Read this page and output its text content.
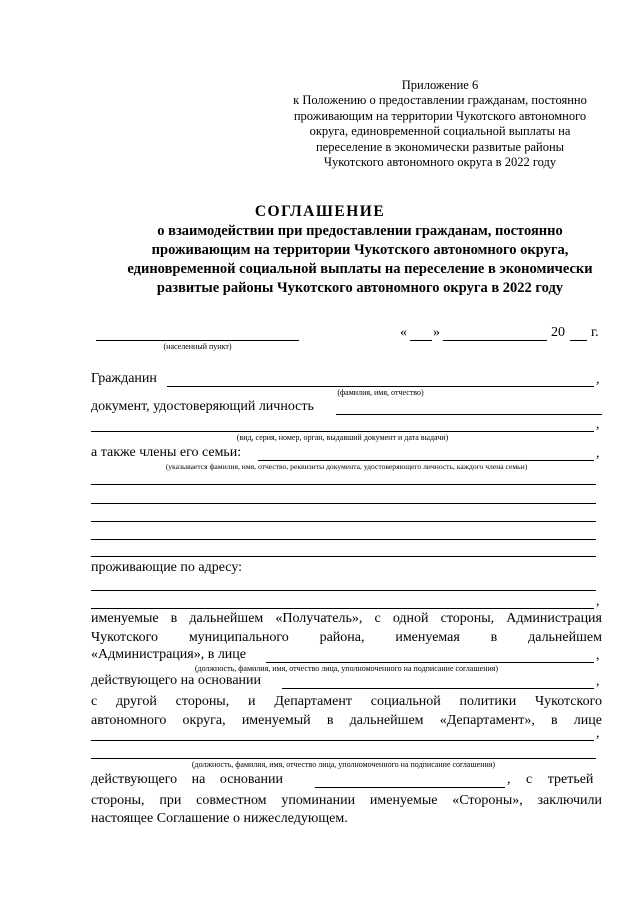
Приложение 6
к Положению о предоставлении гражданам, постоянно
проживающим на территории Чукотского автономного
округа, единовременной социальной выплаты на
переселение в экономически развитые районы
Чукотского автономного округа в 2022 году
СОГЛАШЕНИЕ
о взаимодействии при предоставлении гражданам, постоянно
проживающим на территории Чукотского автономного округа,
единовременной социальной выплаты на переселение в экономически
развитые районы Чукотского автономного округа в 2022 году
(населенный пункт)
« »	20 г.
Гражданин	,
(фамилия, имя, отчество)
документ, удостоверяющий личность
,
(вид, серия, номер, орган, выдавший документ и дата выдачи)
а также члены его семьи:	,
(указывается фамилия, имя, отчество, реквизиты документа, удостоверяющего личность, каждого члена семьи)
проживающие по адресу:
,
именуемые в дальнейшем «Получатель», с одной стороны, Администрация
Чукотского муниципального района, именуемая в дальнейшем
«Администрация», в лице	,
(должность, фамилия, имя, отчество лица, уполномоченного на подписание соглашения)
действующего на основании	,
с другой стороны, и Департамент социальной политики Чукотского
автономного округа, именуемый в дальнейшем «Департамент», в лице
,
(должность, фамилия, имя, отчество лица, уполномоченного на подписание соглашения)
действующего на основании	, с третьей
стороны, при совместном упоминании именуемые «Стороны», заключили
настоящее Соглашение о нижеследующем.
